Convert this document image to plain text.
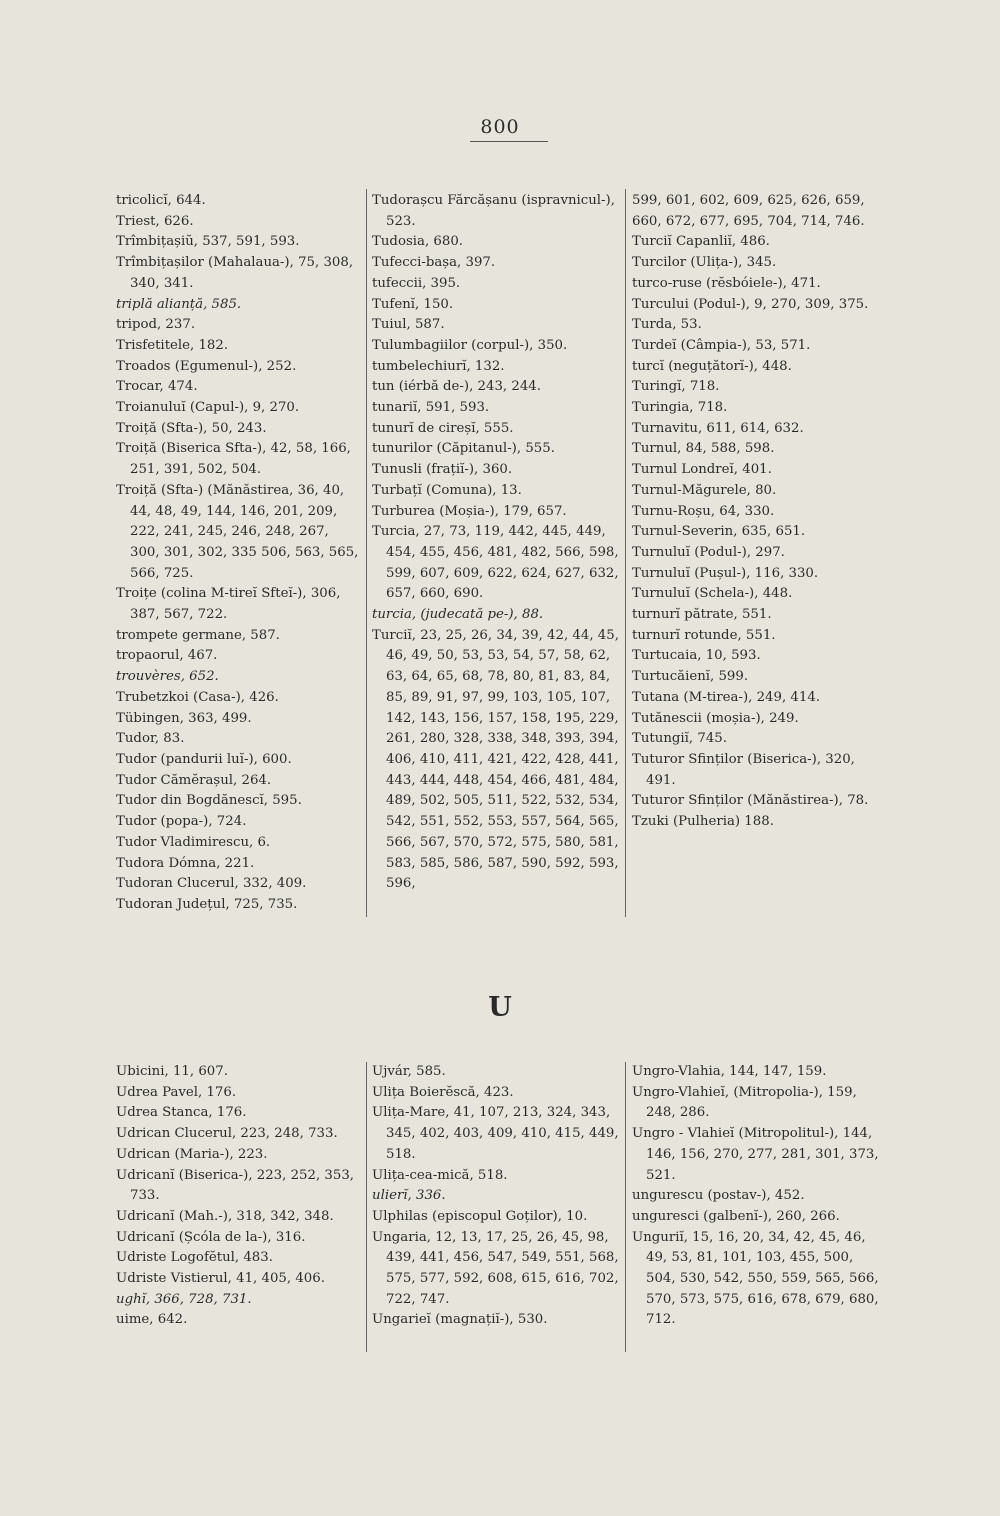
800
tricolicĭ, 644.
Triest, 626.
Trîmbițașiŭ, 537, 591, 593.
Trîmbițașilor (Mahalaua-), 75, 308, 340, 341.
triplă alianță, 585.
tripod, 237.
Trisfetitele, 182.
Troados (Egumenul-), 252.
Trocar, 474.
Troianuluĭ (Capul-), 9, 270.
Troiță (Sfta-), 50, 243.
Troiță (Biserica Sfta-), 42, 58, 166, 251, 391, 502, 504.
Troiță (Sfta-) (Mănăstirea, 36, 40, 44, 48, 49, 144, 146, 201, 209, 222, 241, 245, 246, 248, 267, 300, 301, 302, 335 506, 563, 565, 566, 725.
Troițe (colina M-tireĭ Sfteĭ-), 306, 387, 567, 722.
trompete germane, 587.
tropaorul, 467.
trouvères, 652.
Trubetzkoi (Casa-), 426.
Tübingen, 363, 499.
Tudor, 83.
Tudor (pandurii luĭ-), 600.
Tudor Cămĕrașul, 264.
Tudor din Bogdănescĭ, 595.
Tudor (popa-), 724.
Tudor Vladimirescu, 6.
Tudora Dómna, 221.
Tudoran Clucerul, 332, 409.
Tudoran Județul, 725, 735.
Tudorașcu Fărcășanu (ispravnicul-), 523.
Tudosia, 680.
Tufecci-bașa, 397.
tufeccii, 395.
Tufenĭ, 150.
Tuiul, 587.
Tulumbagiilor (corpul-), 350.
tumbelechiurĭ, 132.
tun (iérbă de-), 243, 244.
tunariĭ, 591, 593.
tunurĭ de cireșĭ, 555.
tunurilor (Căpitanul-), 555.
Tunusli (frațiĭ-), 360.
Turbațĭ (Comuna), 13.
Turburea (Moșia-), 179, 657.
Turcia, 27, 73, 119, 442, 445, 449, 454, 455, 456, 481, 482, 566, 598, 599, 607, 609, 622, 624, 627, 632, 657, 660, 690.
turcia, (judecată pe-), 88.
Turciĭ, 23, 25, 26, 34, 39, 42, 44, 45, 46, 49, 50, 53, 53, 54, 57, 58, 62, 63, 64, 65, 68, 78, 80, 81, 83, 84, 85, 89, 91, 97, 99, 103, 105, 107, 142, 143, 156, 157, 158, 195, 229, 261, 280, 328, 338, 348, 393, 394, 406, 410, 411, 421, 422, 428, 441, 443, 444, 448, 454, 466, 481, 484, 489, 502, 505, 511, 522, 532, 534, 542, 551, 552, 553, 557, 564, 565, 566, 567, 570, 572, 575, 580, 581, 583, 585, 586, 587, 590, 592, 593, 596,
599, 601, 602, 609, 625, 626, 659, 660, 672, 677, 695, 704, 714, 746.
Turciĭ Capanliĭ, 486.
Turcilor (Ulița-), 345.
turco-ruse (rĕsbóiele-), 471.
Turcului (Podul-), 9, 270, 309, 375.
Turda, 53.
Turdeĭ (Câmpia-), 53, 571.
turcĭ (neguțătorĭ-), 448.
Turingĭ, 718.
Turingia, 718.
Turnavitu, 611, 614, 632.
Turnul, 84, 588, 598.
Turnul Londreĭ, 401.
Turnul-Măgurele, 80.
Turnu-Roșu, 64, 330.
Turnul-Severin, 635, 651.
Turnuluĭ (Podul-), 297.
Turnuluĭ (Pușul-), 116, 330.
Turnuluĭ (Schela-), 448.
turnurĭ pătrate, 551.
turnurĭ rotunde, 551.
Turtucaia, 10, 593.
Turtucăienĭ, 599.
Tutana (M-tirea-), 249, 414.
Tutănescii (moșia-), 249.
Tutungiĭ, 745.
Tuturor Sfinților (Biserica-), 320, 491.
Tuturor Sfinților (Mănăstirea-), 78.
Tzuki (Pulheria) 188.
U
Ubicini, 11, 607.
Udrea Pavel, 176.
Udrea Stanca, 176.
Udrican Clucerul, 223, 248, 733.
Udrican (Maria-), 223.
Udricanĭ (Biserica-), 223, 252, 353, 733.
Udricanĭ (Mah.-), 318, 342, 348.
Udricanĭ (Șcóla de la-), 316.
Udriste Logofĕtul, 483.
Udriste Vistierul, 41, 405, 406.
ughĭ, 366, 728, 731.
uime, 642.
Ujvár, 585.
Ulița Boierĕscă, 423.
Ulița-Mare, 41, 107, 213, 324, 343, 345, 402, 403, 409, 410, 415, 449, 518.
Ulița-cea-mică, 518.
ulierĭ, 336.
Ulphilas (episcopul Goților), 10.
Ungaria, 12, 13, 17, 25, 26, 45, 98, 439, 441, 456, 547, 549, 551, 568, 575, 577, 592, 608, 615, 616, 702, 722, 747.
Ungarieĭ (magnațiĭ-), 530.
Ungro-Vlahia, 144, 147, 159.
Ungro-Vlahieĭ, (Mitropolia-), 159, 248, 286.
Ungro - Vlahieĭ (Mitropolitul-), 144, 146, 156, 270, 277, 281, 301, 373, 521.
ungurescu (postav-), 452.
unguresci (galbenĭ-), 260, 266.
Unguriĭ, 15, 16, 20, 34, 42, 45, 46, 49, 53, 81, 101, 103, 455, 500, 504, 530, 542, 550, 559, 565, 566, 570, 573, 575, 616, 678, 679, 680, 712.
